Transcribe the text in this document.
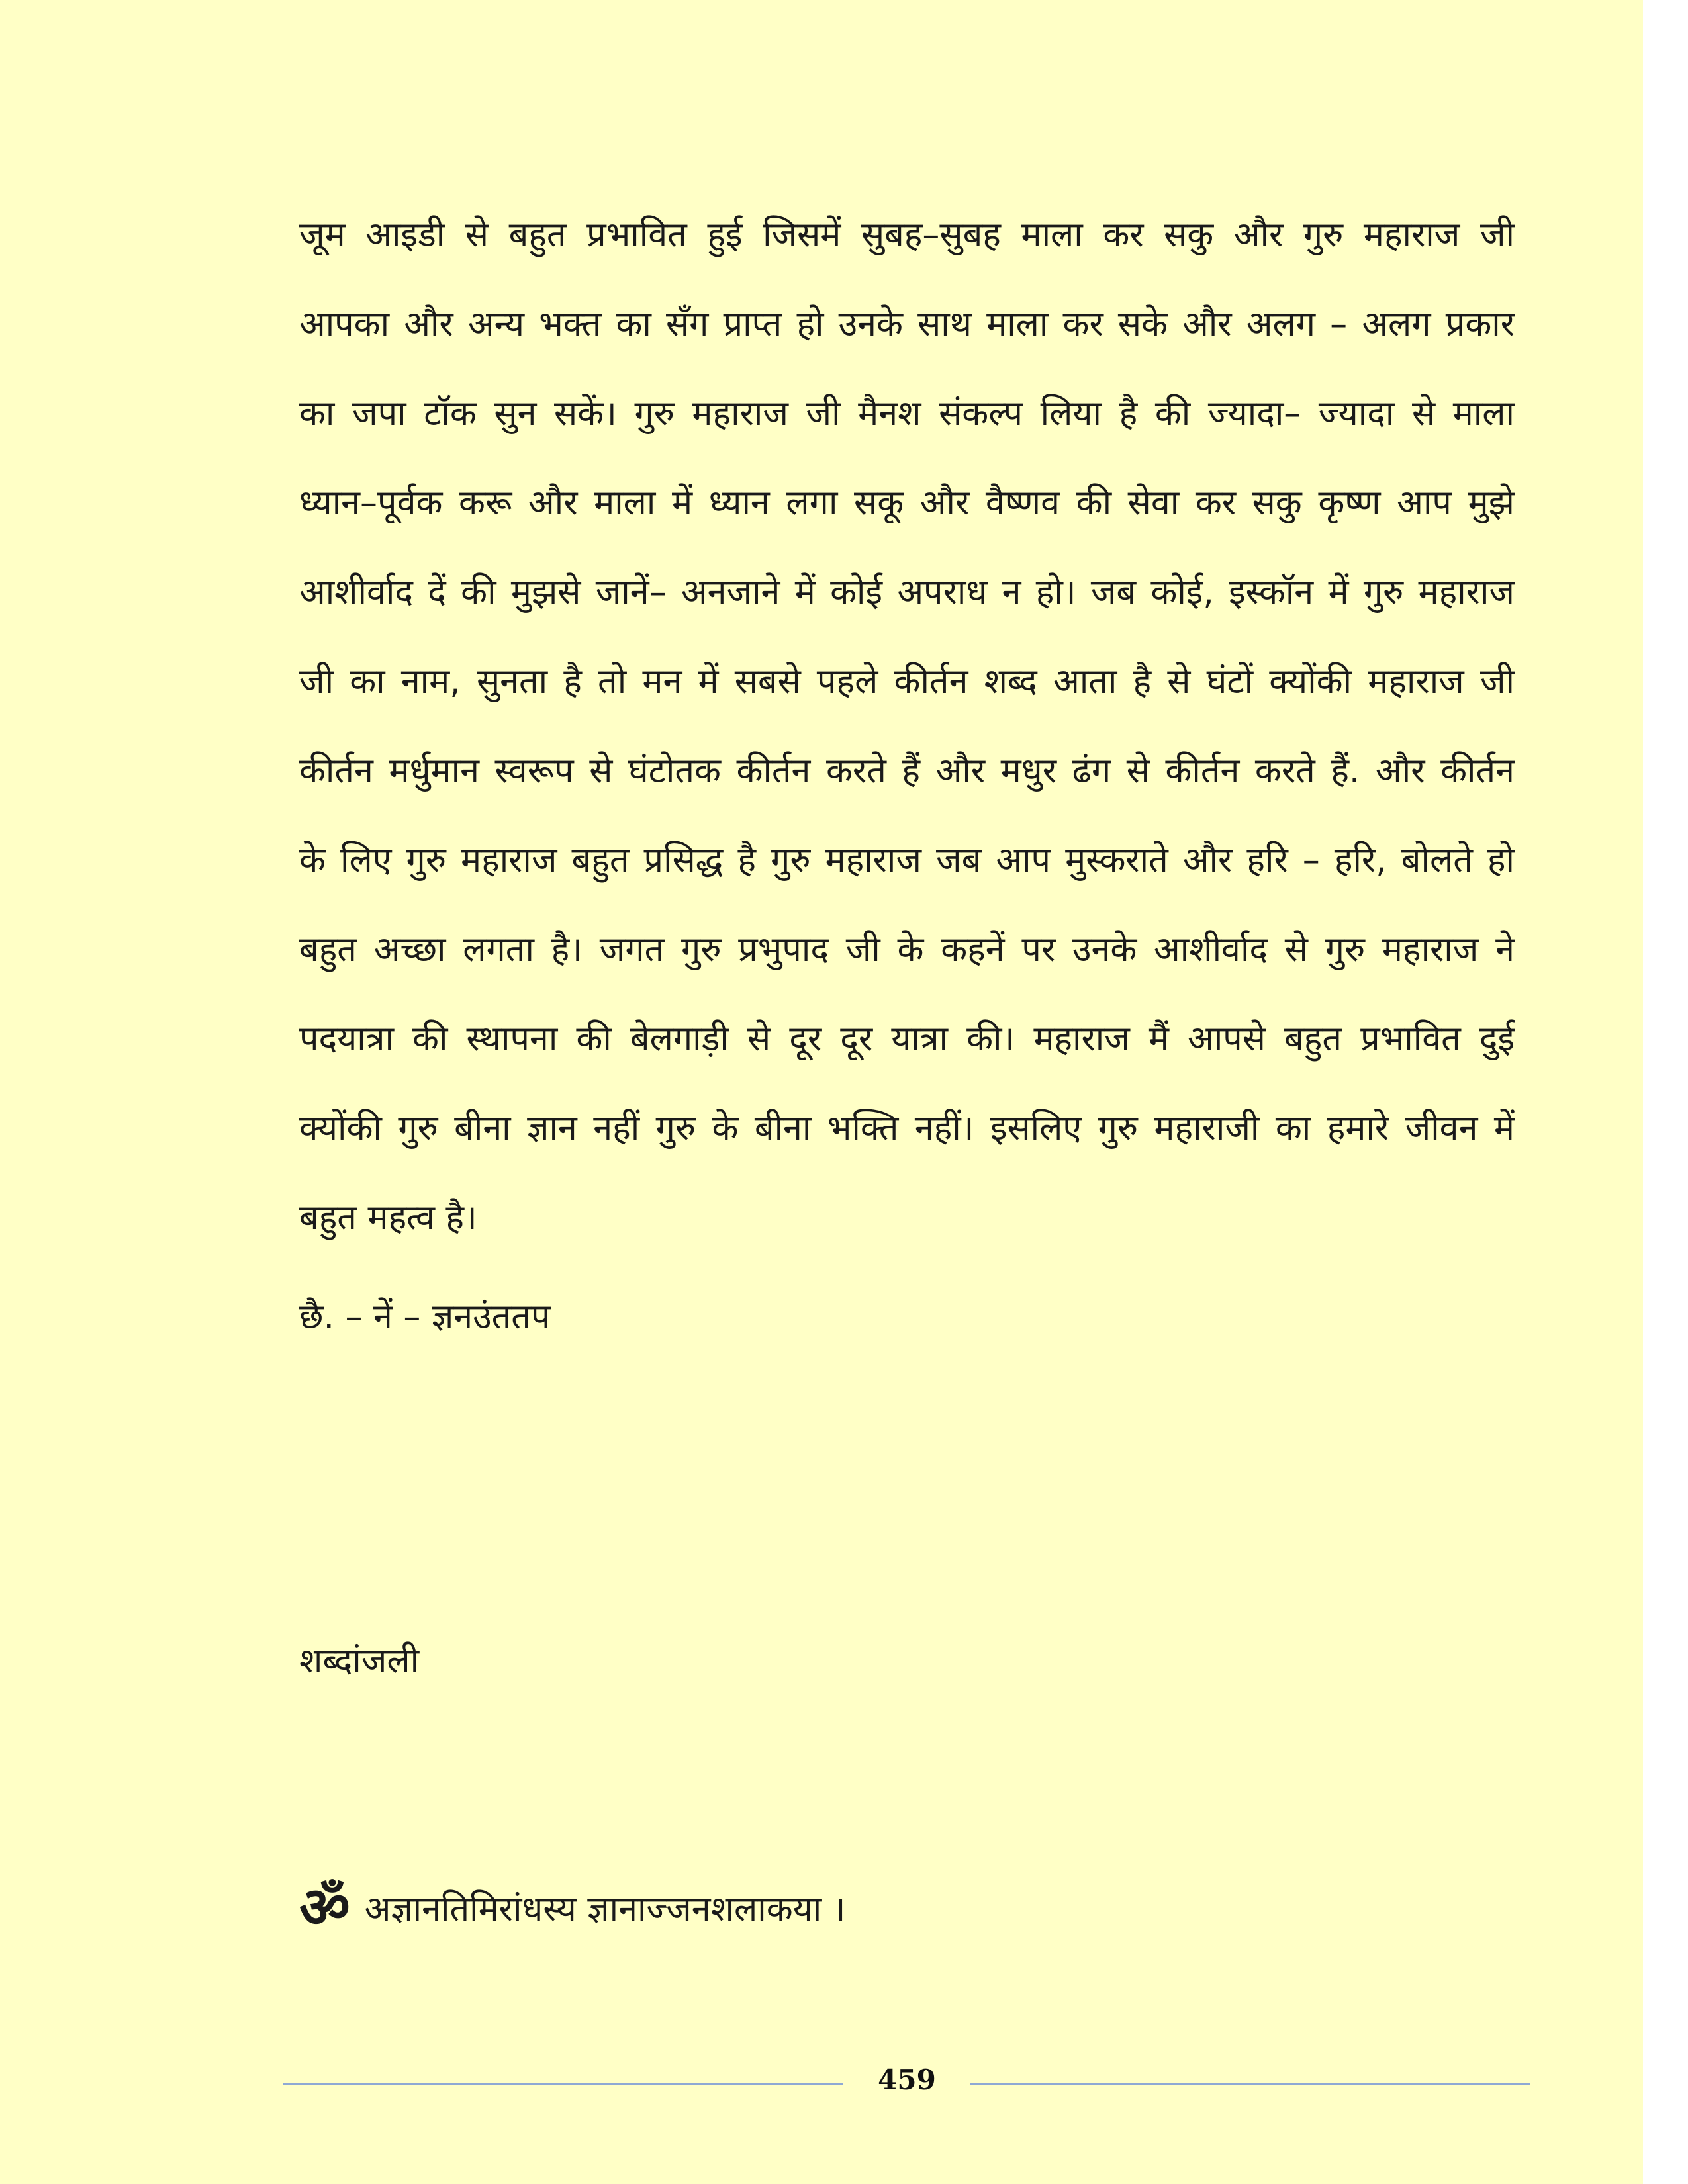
जूम आइडी से बहुत प्रभावित हुई जिसमें सुबह–सुबह माला कर सकु और गुरु महाराज जी
आपका और अन्य भक्त का सँग प्राप्त हो उनके साथ माला कर सके और अलग – अलग प्रकार
का जपा टॉक सुन सकें। गुरु महाराज जी मैनश संकल्प लिया है की ज्यादा– ज्यादा से माला
ध्यान–पूर्वक करू और माला में ध्यान लगा सकू और वैष्णव की सेवा कर सकु कृष्ण आप मुझे
आशीर्वाद दें की मुझसे जानें– अनजाने में कोई अपराध न हो। जब कोई, इस्कॉन में गुरु महाराज
जी का नाम, सुनता है तो मन में सबसे पहले कीर्तन शब्द आता है से घंटों क्योंकी महाराज जी
कीर्तन मर्धुमान स्वरूप से घंटोतक कीर्तन करते हैं और मधुर ढंग से कीर्तन करते हैं. और कीर्तन
के लिए गुरु महाराज बहुत प्रसिद्ध है गुरु महाराज जब आप मुस्कराते और हरि – हरि, बोलते हो
बहुत अच्छा लगता है। जगत गुरु प्रभुपाद जी के कहनें पर उनके आशीर्वाद से गुरु महाराज ने
पदयात्रा की स्थापना की बेलगाड़ी से दूर दूर यात्रा की। महाराज मैं आपसे बहुत प्रभावित दुई
क्योंकी गुरु बीना ज्ञान नहीं गुरु के बीना भक्ति नहीं। इसलिए गुरु महाराजी का हमारे जीवन में
बहुत महत्व है।
छै. – नें – ज्ञनउंततप
शब्दांजली
ॐ अज्ञानतिमिरांधस्य ज्ञानाज्जनशलाकया ।
459
